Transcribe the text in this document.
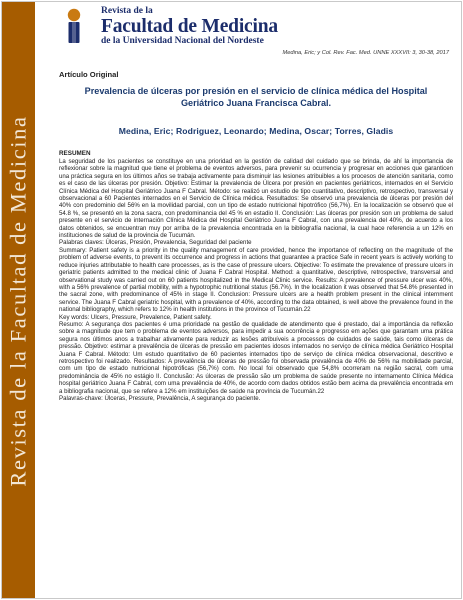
Revista de la Facultad de Medicina
Revista de la
Facultad de Medicina
de la Universidad Nacional del Nordeste
Medina, Eric; y Col. Rev. Fac. Med. UNNE XXXVII: 3, 30-38, 2017
Artículo Original
Prevalencia de úlceras por presión en el servicio de clínica médica del Hospital Geriátrico Juana Francisca Cabral.
Medina, Eric; Rodriguez, Leonardo; Medina, Oscar; Torres, Gladis
RESUMEN

La seguridad de los pacientes se constituye en una prioridad en la gestión de calidad del cuidado que se brinda, de ahí la importancia de reflexionar sobre la magnitud que tiene el problema de eventos adversos, para prevenir su ocurrencia y progresar en acciones que garanticen una práctica segura en los últimos años se trabaja activamente para disminuir las lesiones atribuibles a los procesos de atención sanitaria, como es el caso de las úlceras por presión. Objetivo: Estimar la prevalencia de Úlcera por presión en pacientes geriátricos, internados en el Servicio Clínica Médica del Hospital Geriátrico Juana F Cabral. Método: se realizó un estudio de tipo cuantitativo, descriptivo, retrospectivo, transversal y observacional a 60 Pacientes internados en el Servicio de Clínica médica. Resultados: Se observó una prevalencia de úlceras por presión del 40% con predominio del 56% en la movilidad parcial, con un tipo de estado nutricional hipotrófico (56,7%). En la localización se observó que el 54.8 %, se presentó en la zona sacra, con predominancia del 45 % en estadio II. Conclusión: Las úlceras por presión son un problema de salud presente en el servicio de internación Clínica Médica del Hospital Geriátrico Juana F Cabral, con una prevalencia del 40%, de acuerdo a los datos obtenidos, se encuentran muy por arriba de la prevalencia encontrada en la bibliografía nacional, la cual hace referencia a un 12% en instituciones de salud de la provincia de Tucumán.

Palabras claves: Úlceras, Presión, Prevalencia, Seguridad del paciente

Summary: Patient safety is a priority in the quality management of care provided, hence the importance of reflecting on the magnitude of the problem of adverse events, to prevent its occurrence and progress in actions that guarantee a practice Safe in recent years is actively working to reduce injuries attributable to health care processes, as is the case of pressure ulcers. Objective: To estimate the prevalence of pressure ulcers in geriatric patients admitted to the medical clinic of Juana F Cabral Hospital. Method: a quantitative, descriptive, retrospective, transversal and observational study was carried out on 60 patients hospitalized in the Medical Clinic service. Results: A prevalence of pressure ulcer was 40%, with a 56% prevalence of partial mobility, with a hypotrophic nutritional status (56.7%). In the localization it was observed that 54.8% presented in the sacral zone, with predominance of 45% in stage II. Conclusion: Pressure ulcers are a health problem present in the clinical internment service. The Juana F Cabral geriatric hospital, with a prevalence of 40%, according to the data obtained, is well above the prevalence found in the national bibliography, which refers to 12% in health institutions in the province of Tucumán.22

Key words: Ulcers, Pressure, Prevalence, Patient safety.

Resumo: A segurança dos pacientes é uma prioridade na gestão de qualidade de atendimento que é prestado, daí a importância da reflexão sobre a magnitude que tem o problema de eventos adversos, para impedir a sua ocorrência e progresso em ações que garantam uma prática segura nos últimos anos a trabalhar ativamente para reduzir as lesões atribuíveis a processos de cuidados de saúde, tais como úlceras de pressão. Objetivo: estimar a prevalência de úlceras de pressão em pacientes idosos internados no serviço de clínica médica Geriátrico Hospital Juana F Cabral. Método: Um estudo quantitativo de 60 pacientes internados tipo de serviço de clínica médica observacional, descritivo e retrospectivo foi realizado. Resultados: A prevalência de úlceras de pressão foi observada prevalência de 40% de 56% na mobilidade parcial, com um tipo de estado nutricional hipotróficas (56,7%) com. No local foi observado que 54,8% ocorreram na região sacral, com uma predominância de 45% no estágio II. Conclusão: As úlceras de pressão são um problema de saúde presente no internamento Clínica Médica hospital geriátrico Juana F Cabral, com uma prevalência de 40%, de acordo com dados obtidos estão bem acima da prevalência encontrada em a bibliografia nacional, que se refere a 12% em instituições de saúde na província de Tucumán.22

Palavras-chave: Úlceras, Pressure, Prevalência, A segurança do paciente.
